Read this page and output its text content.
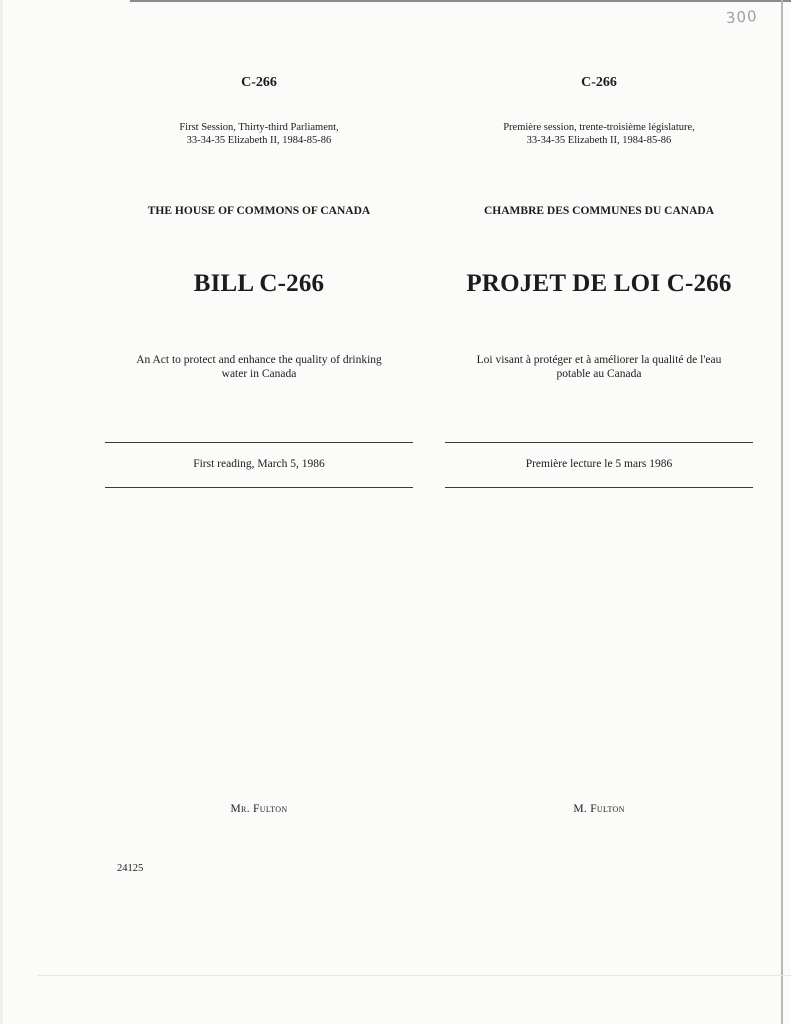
300
C-266
First Session, Thirty-third Parliament,
33-34-35 Elizabeth II, 1984-85-86
THE HOUSE OF COMMONS OF CANADA
BILL C-266
An Act to protect and enhance the quality of drinking
water in Canada
First reading, March 5, 1986
Mr. Fulton
C-266
Première session, trente-troisième législature,
33-34-35 Elizabeth II, 1984-85-86
CHAMBRE DES COMMUNES DU CANADA
PROJET DE LOI C-266
Loi visant à protéger et à améliorer la qualité de l'eau
potable au Canada
Première lecture le 5 mars 1986
M. Fulton
24125
